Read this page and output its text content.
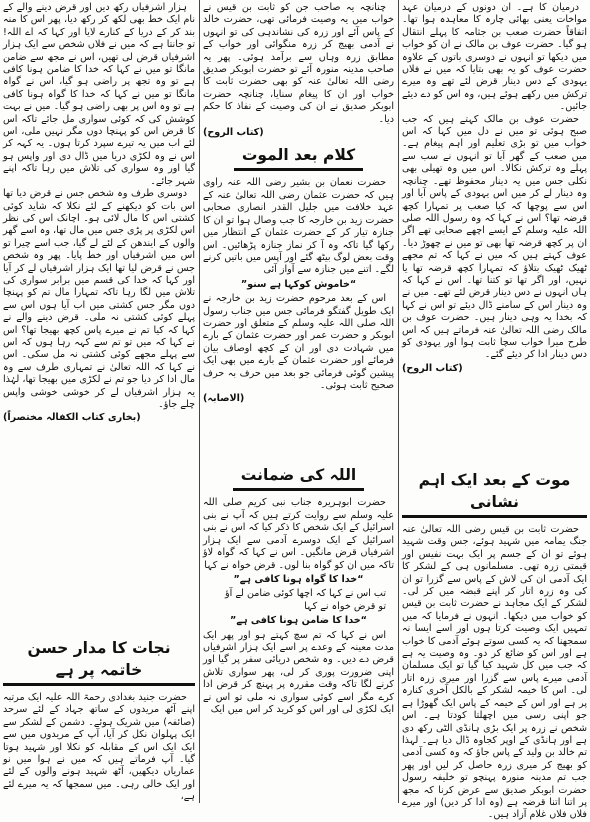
درمیان کا ہے۔ ان دونوں کے درمیان عہد مواخات یعنی بھائی چارہ کا معاہدہ ہوا تھا۔ اتفاقاً حضرت صعب بن جثامہ کا پہلے انتقال ہو گیا۔ حضرت عوف بن مالک نے ان کو خواب میں دیکھا تو انہوں نے دوسری باتوں کے علاوہ حضرت عوف کو یہ بھی بتایا کہ میں نے فلاں یہودی کے دس دینار قرض لئے تھے وہ میرے ترکش میں رکھے ہوئے ہیں، وہ اس کو دے دیئے جائیں۔

حضرت عوف بن مالک کہتے ہیں کہ جب صبح ہوئی تو میں نے دل میں کہا کہ اس خواب میں تو بڑی تعلیم اور اہم پیغام ہے۔ میں صعب کے گھر آیا تو انہوں نے سب سے پہلے وہ ترکش نکالا۔ اس میں وہ تھیلی بھی نکلی جس میں یہ دینار محفوظ تھے۔ چنانچہ وہ دینار لے کر میں اس یہودی کے پاس آیا اور اس سے پوچھا کہ کیا صعب پر تمہارا کچھ قرضہ تھا؟ اس نے کہا کہ وہ رسول اللہ صلی اللہ علیہ وسلم کے ایسے اچھے صحابی تھے اگر ان پر کچھ قرضہ تھا بھی تو میں نے چھوڑ دیا۔ عوف کہتے ہیں کہ میں نے کہا کہ تم مجھے ٹھیک ٹھیک بتلاؤ کہ تمہارا کچھ قرضہ تھا یا نہیں، اور اگر تھا تو کتنا تھا۔ اس نے کہا کہ ہاں انہوں نے دس دینار قرض لئے تھے۔ میں نے وہ دینار اس کے سامنے ڈال دیئے تو اس نے کہا کہ بخدا یہ وہی دینار ہیں۔ حضرت عوف بن مالک رضی اللہ تعالیٰ عنہ فرماتے ہیں کہ اس طرح میرا خواب سچا ثابت ہوا اور یہودی کو دس دینار ادا کر دیئے گئے۔

(کتاب الروح)

موت کے بعد ایک اہم نشانی

حضرت ثابت بن قیس رضی اللہ تعالیٰ عنہ جنگ یمامہ میں شہید ہوئے، جس وقت شہید ہوئے تو ان کے جسم پر ایک بہت نفیس اور قیمتی زرہ تھی۔ مسلمانوں ہی کے لشکر کا ایک آدمی ان کی لاش کے پاس سے گزرا تو ان کی وہ زرہ اتار کر اپنے قبضہ میں کر لی۔ لشکر کے ایک مجاہد نے حضرت ثابت بن قیس کو خواب میں دیکھا۔ انہوں نے فرمایا کہ میں تمہیں ایک وصیت کرتا ہوں اور اسے ایسا نہ سمجھنا کہ یہ کسی سوتے ہوئے آدمی کا خواب ہے اور اس کو ضائع کر دو۔ وہ وصیت یہ ہے کہ جب میں کل شہید کیا گیا تو ایک مسلمان آدمی میرے پاس سے گزرا اور میری زرہ اتار لی۔ اس کا خیمہ لشکر کے بالکل آخری کنارہ پر ہے اور اس کے خیمہ کے پاس ایک گھوڑا ہے جو اپنی رسی میں اچھلتا کودتا ہے۔ اس شخص نے زرہ پر ایک بڑی ہانڈی الٹی رکھ دی ہے اور ہانڈی کے اوپر کجاوہ ڈال دیا ہے۔ لہذا تم خالد بن ولید کے پاس جاؤ کہ وہ کسی آدمی کو بھیج کر میری زرہ حاصل کر لیں اور پھر جب تم مدینہ منورہ پہنچو تو خلیفہ رسول حضرت ابوبکر صدیق سے عرض کرنا کہ مجھ پر اتنا اتنا قرضہ ہے (وہ ادا کر دیں) اور میرے فلاں فلاں غلام آزاد ہیں۔

چنانچہ یہ صاحب جن کو ثابت بن قیس نے خواب میں یہ وصیت فرمائی تھی، حضرت خالد کے پاس آئے اور زرہ کی نشاندہی کی تو انہوں نے آدمی بھیج کر زرہ منگوائی اور خواب کے مطابق زرہ وہاں سے برآمد ہوئی۔ پھر یہ صاحب مدینہ منورہ آئے تو حضرت ابوبکر صدیق رضی اللہ تعالیٰ عنہ کو بھی حضرت ثابت کا خواب اور ان کا پیغام سنایا، چنانچہ حضرت ابوبکر صدیق نے ان کی وصیت کے نفاذ کا حکم دیا۔

(کتاب الروح)

کلام بعد الموت

حضرت نعمان بن بشیر رضی اللہ عنہ راوی ہیں کہ حضرت عثمان رضی اللہ تعالیٰ عنہ کے عہد خلافت میں جلیل القدر انصاری صحابی حضرت زید بن خارجہ کا جب وصال ہوا تو ان کا جنازہ تیار کر کے حضرت عثمان کے انتظار میں رکھا گیا تاکہ وہ آ کر نماز جنازہ پڑھائیں۔ اس وقت بعض لوگ بیٹھ گئے اور آپس میں باتیں کرنے لگے۔ اتنے میں جنازہ سے آواز آئی

“خاموش کوکہا ہے سنو”

اس کے بعد مرحوم حضرت زید بن خارجہ نے ایک طویل گفتگو فرمائی جس میں جناب رسول اللہ صلی اللہ علیہ وسلم کے متعلق اور حضرت ابوبکر و حضرت عمر اور حضرت عثمان کے بارے میں شہادت دی اور ان کے کچھ اوصاف بیان فرمائے اور حضرت عثمان کے بارے میں بھی ایک پیشین گوئی فرمائی جو بعد میں حرف بہ حرف صحیح ثابت ہوئی۔

(الاصابہ)

اللہ کی ضمانت

حضرت ابوہریرہ جناب نبی کریم صلی اللہ علیہ وسلم سے روایت کرتے ہیں کہ آپ نے بنی اسرائیل کے ایک شخص کا ذکر کیا کہ اس نے بنی اسرائیل کے ایک دوسرے آدمی سے ایک ہزار اشرفیاں قرض مانگیں۔ اس نے کہا کہ گواہ لاؤ تاکہ میں ان کو گواہ بنا لوں۔ قرض خواہ نے کہا

“خدا کا گواہ ہونا کافی ہے”

تب اس نے کہا کہ اچھا کوئی ضامن لے آؤ

تو قرض خواہ نے کہا

“خدا کا ضامن ہونا کافی ہے”

اس نے کہا کہ تم سچ کہتے ہو اور پھر ایک مدت معینہ کے وعدے پر اسے ایک ہزار اشرفیاں قرض دے دیں۔ وہ شخص دریائی سفر پر گیا اور اپنی ضرورت پوری کر لی، پھر سواری تلاش کرنے لگا تاکہ وقت مقررہ پر پہنچ کر قرض ادا کرے مگر اسے کوئی سواری نہ ملی تو اس نے ایک لکڑی لی اور اس کو کرید کر اس میں ایک

ہزار اشرفیاں رکھ دیں اور قرض دینے والے کے نام ایک خط بھی لکھ کر رکھ دیا، پھر اس کا منہ بند کر کے دریا کے کنارے لایا اور کہا کہ اے اللہ! تو جانتا ہے کہ میں نے فلاں شخص سے ایک ہزار اشرفیاں قرض لی تھیں، اس نے مجھ سے ضامن مانگا تو میں نے کہا کہ خدا کا ضامن ہونا کافی ہے تو وہ تجھ پر راضی ہو گیا، اس نے گواہ مانگا تو میں نے کہا کہ خدا کا گواہ ہونا کافی ہے تو وہ اس پر بھی راضی ہو گیا۔ میں نے بہت کوشش کی کہ کوئی سواری مل جائے تاکہ اس کا قرض اس کو پہنچا دوں مگر نہیں ملی، اس لئے اب میں یہ تیرے سپرد کرتا ہوں۔ یہ کہہ کر اس نے وہ لکڑی دریا میں ڈال دی اور واپس ہو گیا اور وہ سواری کی تلاش میں رہا تاکہ اپنے شہر جائے۔

دوسری طرف وہ شخص جس نے قرض دیا تھا اس بات کو دیکھنے کے لئے نکلا کہ شاید کوئی کشتی اس کا مال لائی ہو۔ اچانک اس کی نظر اس لکڑی پر پڑی جس میں مال تھا، وہ اسے گھر والوں کے ایندھن کے لئے لے گیا، جب اسے چیرا تو اس میں اشرفیاں اور خط پایا۔ پھر وہ شخص جس نے قرض لیا تھا ایک ہزار اشرفیاں لے کر آیا اور کہا کہ خدا کی قسم میں برابر سواری کی تلاش میں لگا رہا تاکہ تمہارا مال تم کو پہنچا دوں مگر جس کشتی میں اب آیا ہوں اس سے پہلے کوئی کشتی نہ ملی۔ قرض دینے والے نے کہا کہ کیا تم نے میرے پاس کچھ بھیجا تھا؟ اس نے کہا کہ میں تو تم سے کہہ رہا ہوں کہ اس سے پہلے مجھے کوئی کشتی نہ مل سکی۔ اس نے کہا کہ اللہ تعالیٰ نے تمہاری طرف سے وہ مال ادا کر دیا جو تم نے لکڑی میں بھیجا تھا، لہٰذا یہ ہزار اشرفیاں لے کر خوشی خوشی واپس چلے جاؤ۔

(بخاری کتاب الکفالہ مختصراً)

نجات کا مدار حسن خاتمہ پر ہے

حضرت جنید بغدادی رحمۃ اللہ علیہ ایک مرتبہ اپنے آٹھ مریدوں کے ساتھ جہاد کے لئے سرحد (صائفہ) میں شریک ہوئے۔ دشمن کے لشکر سے ایک پہلوان نکل کر آیا، آپ کے مریدوں میں سے ایک ایک اس کے مقابلہ کو نکلا اور شہید ہوتا گیا۔ آپ فرماتے ہیں کہ میں نے ہوا میں نو عماریاں دیکھیں، آٹھ شہید ہونے والوں کے لئے اور ایک خالی رہی۔ میں سمجھا کہ یہ میرے لئے ہے،
